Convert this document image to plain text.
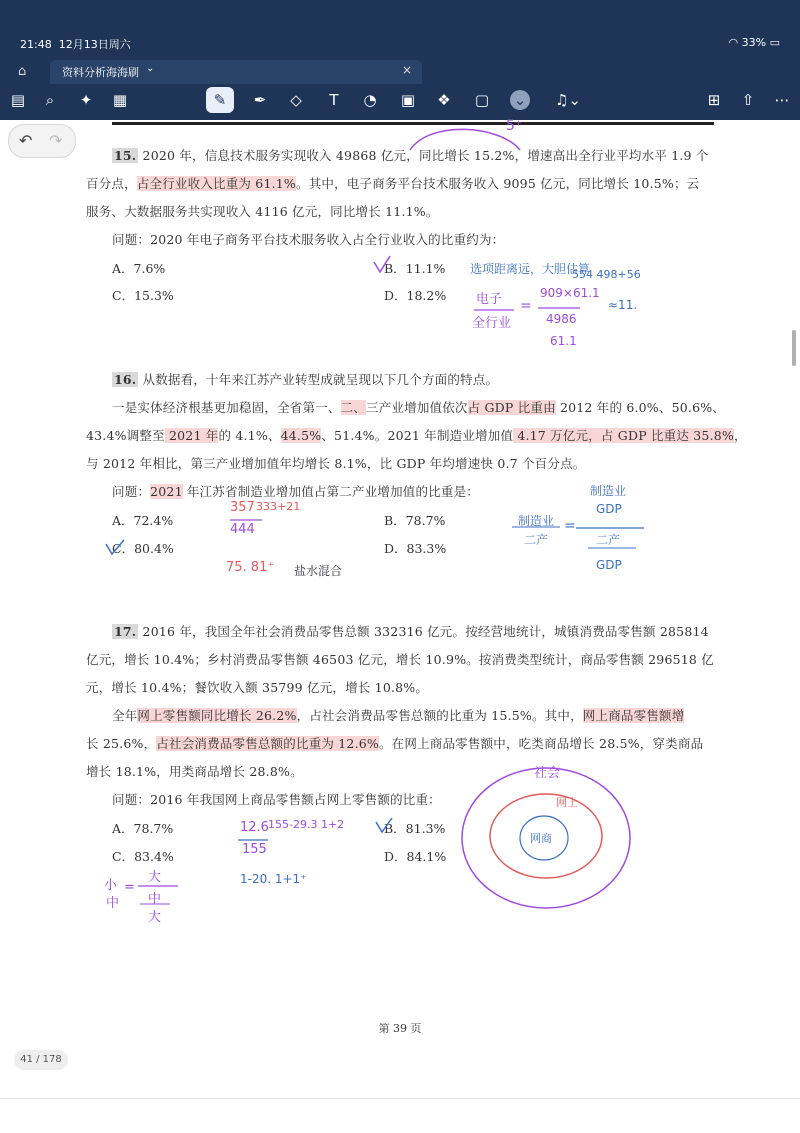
21:48 12月13日周六	◠ 33% ▭
⌂	资料分析海海刷 ⌄	×
▤	⌕	✦ ▦	✎	✒ ◇	T	◔ ▣ ❖ ▢ ⌄ ♫⌄	⊞ ⇧ ⋯
↶ ↷
15. 2020 年，信息技术服务实现收入 49868 亿元，同比增长 15.2%，增速高出全行业平均水平 1.9 个
百分点，占全行业收入比重为 61.1%。其中，电子商务平台技术服务收入 9095 亿元，同比增长 10.5%；云
服务、大数据服务共实现收入 4116 亿元，同比增长 11.1%。
问题：2020 年电子商务平台技术服务收入占全行业收入的比重约为：
A．7.6%	B．11.1%
C．15.3%	D．18.2%
16. 从数据看，十年来江苏产业转型成就呈现以下几个方面的特点。
一是实体经济根基更加稳固，全省第一、二、三产业增加值依次占 GDP 比重由 2012 年的 6.0%、50.6%、
43.4%调整至 2021 年的 4.1%、44.5%、51.4%。2021 年制造业增加值 4.17 万亿元，占 GDP 比重达 35.8%，
与 2012 年相比，第三产业增加值年均增长 8.1%，比 GDP 年均增速快 0.7 个百分点。
问题：2021 年江苏省制造业增加值占第二产业增加值的比重是：
A．72.4%	B．78.7%
C．80.4%	D．83.3%
17. 2016 年，我国全年社会消费品零售总额 332316 亿元。按经营地统计，城镇消费品零售额 285814
亿元，增长 10.4%；乡村消费品零售额 46503 亿元，增长 10.9%。按消费类型统计，商品零售额 296518 亿
元，增长 10.4%；餐饮收入额 35799 亿元，增长 10.8%。
全年网上零售额同比增长 26.2%，占社会消费品零售总额的比重为 15.5%。其中，网上商品零售额增
长 25.6%，占社会消费品零售总额的比重为 12.6%。在网上商品零售额中，吃类商品增长 28.5%，穿类商品
增长 18.1%，用类商品增长 28.8%。
问题：2016 年我国网上商品零售额占网上零售额的比重：
A．78.7%	B．81.3%
C．83.4%	D．84.1%
第 39 页
5⁺
选项距离远，大胆估算
电子
全行业
=
909×61.1
4986
61.1
554 498+56
≈11.
制造业
GDP
制造业
二产
=
二产
GDP
357 333+21
444
75. 81⁺ 盐水混合
社会
网上
网商
12.6 155-29.3 1+2
155
1-20. 1+1⁺
小
中
=
大
中
大
41 / 178
